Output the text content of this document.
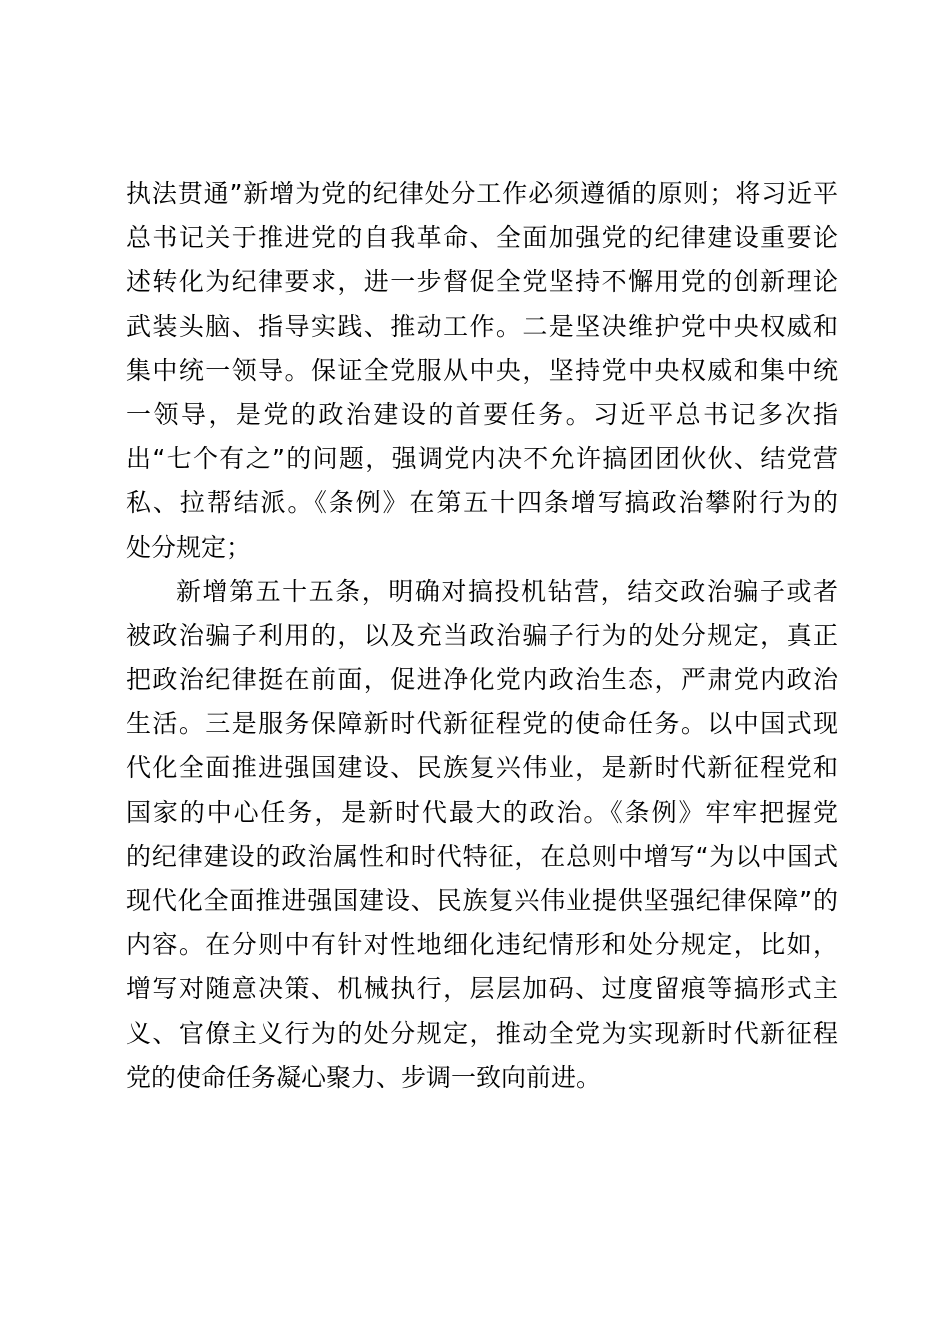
执法贯通”新增为党的纪律处分工作必须遵循的原则；将习近平
总书记关于推进党的自我革命、全面加强党的纪律建设重要论
述转化为纪律要求，进一步督促全党坚持不懈用党的创新理论
武装头脑、指导实践、推动工作。二是坚决维护党中央权威和
集中统一领导。保证全党服从中央，坚持党中央权威和集中统
一领导，是党的政治建设的首要任务。习近平总书记多次指
出“七个有之”的问题，强调党内决不允许搞团团伙伙、结党营
私、拉帮结派。《条例》在第五十四条增写搞政治攀附行为的
处分规定；
新增第五十五条，明确对搞投机钻营，结交政治骗子或者
被政治骗子利用的，以及充当政治骗子行为的处分规定，真正
把政治纪律挺在前面，促进净化党内政治生态，严肃党内政治
生活。三是服务保障新时代新征程党的使命任务。以中国式现
代化全面推进强国建设、民族复兴伟业，是新时代新征程党和
国家的中心任务，是新时代最大的政治。《条例》牢牢把握党
的纪律建设的政治属性和时代特征，在总则中增写“为以中国式
现代化全面推进强国建设、民族复兴伟业提供坚强纪律保障”的
内容。在分则中有针对性地细化违纪情形和处分规定，比如，
增写对随意决策、机械执行，层层加码、过度留痕等搞形式主
义、官僚主义行为的处分规定，推动全党为实现新时代新征程
党的使命任务凝心聚力、步调一致向前进。
